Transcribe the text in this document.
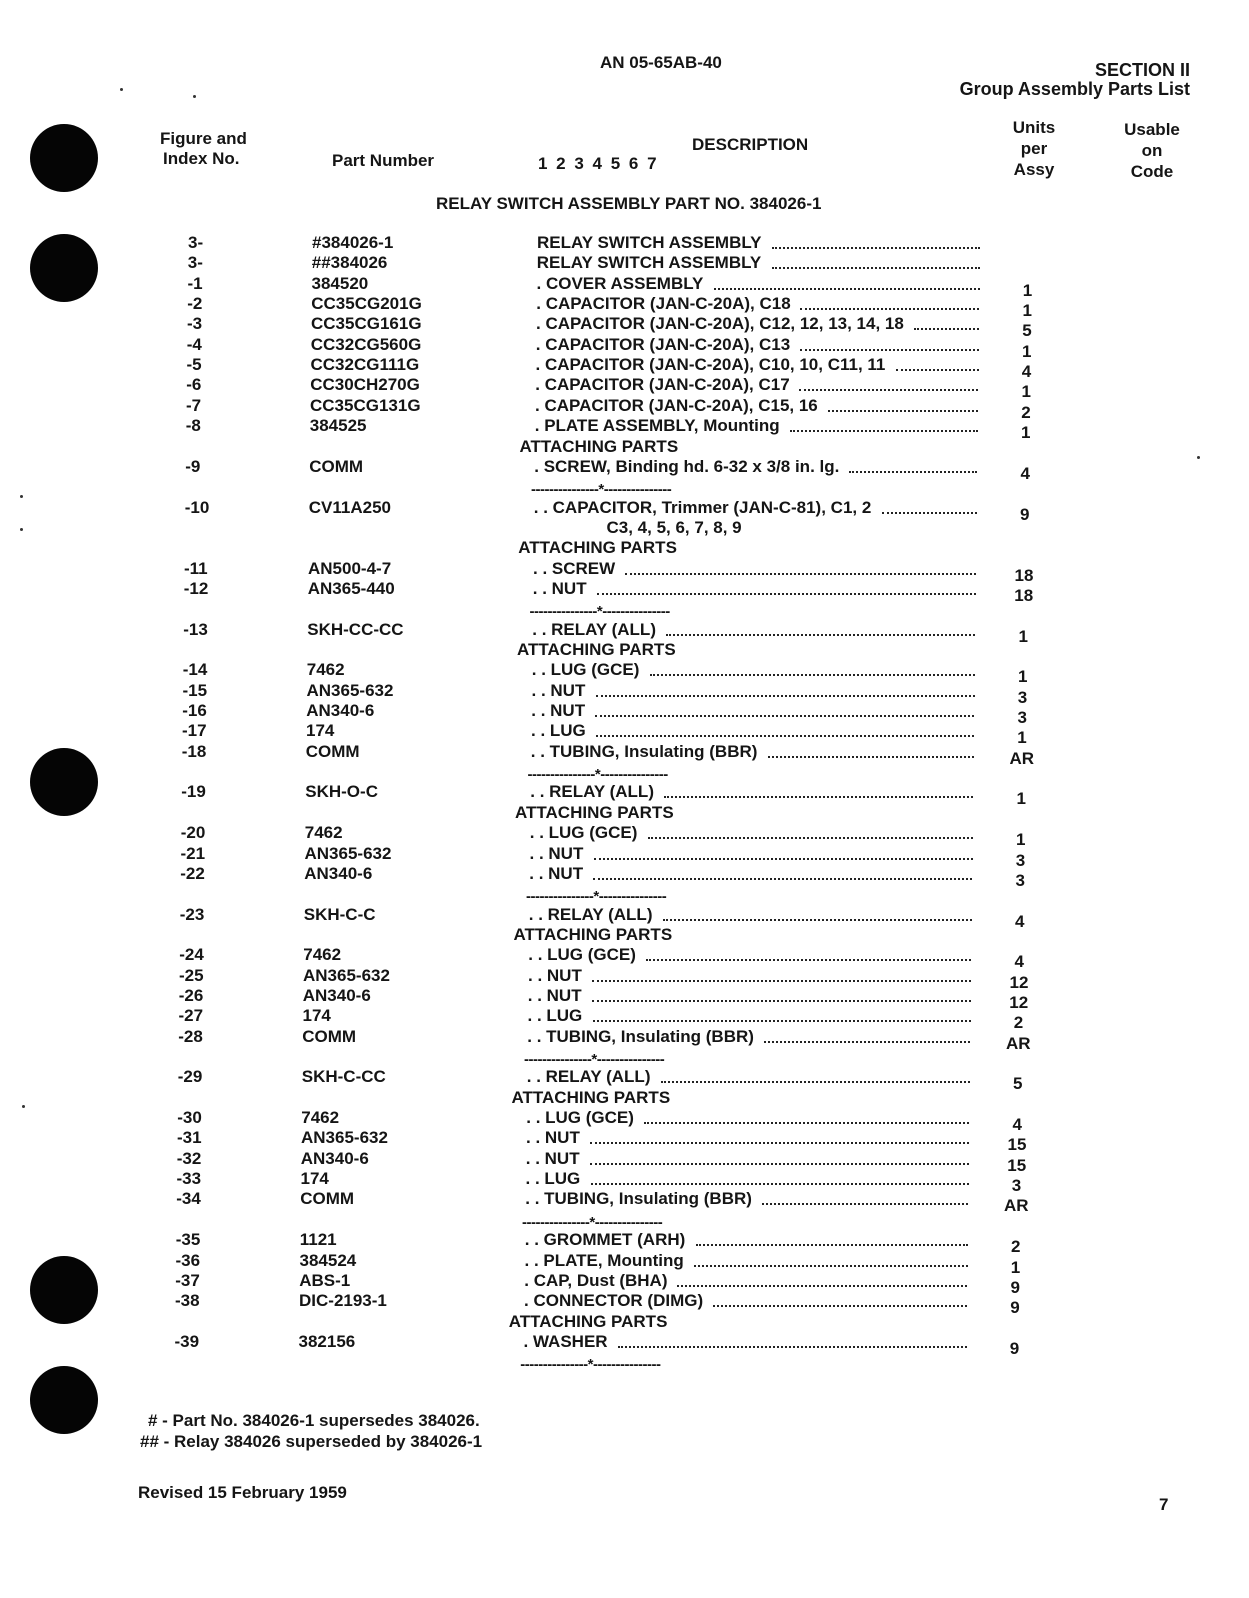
AN 05-65AB-40	SECTION II
Group Assembly Parts List
Figure and
Index No.	Part Number	1 2 3 4 5 6 7
DESCRIPTION
Units
per
Assy
Usable
on
Code
RELAY SWITCH ASSEMBLY PART NO. 384026-1
3-	#384026-1	RELAY SWITCH ASSEMBLY
3-	##384026	RELAY SWITCH ASSEMBLY
-1	384520	. COVER ASSEMBLY	1
-2	CC35CG201G	. CAPACITOR (JAN-C-20A), C18	1
-3	CC35CG161G	. CAPACITOR (JAN-C-20A), C12, 12, 13, 14, 18	5
-4	CC32CG560G	. CAPACITOR (JAN-C-20A), C13	1
-5	CC32CG111G	. CAPACITOR (JAN-C-20A), C10, 10, C11, 11	4
-6	CC30CH270G	. CAPACITOR (JAN-C-20A), C17	1
-7	CC35CG131G	. CAPACITOR (JAN-C-20A), C15, 16	2
-8	384525	. PLATE ASSEMBLY, Mounting	1
ATTACHING PARTS
-9	COMM	. SCREW, Binding hd. 6-32 x 3/8 in. lg.	4
---------------*---------------
-10	CV11A250	. . CAPACITOR, Trimmer (JAN-C-81), C1, 2	9
C3, 4, 5, 6, 7, 8, 9
ATTACHING PARTS
-11	AN500-4-7	. . SCREW	18
-12	AN365-440	. . NUT	18
---------------*---------------
-13	SKH-CC-CC	. . RELAY (ALL)	1
ATTACHING PARTS
-14	7462	. . LUG (GCE)	1
-15	AN365-632	. . NUT	3
-16	AN340-6	. . NUT	3
-17	174	. . LUG	1
-18	COMM	. . TUBING, Insulating (BBR)	AR
---------------*---------------
-19	SKH-O-C	. . RELAY (ALL)	1
ATTACHING PARTS
-20	7462	. . LUG (GCE)	1
-21	AN365-632	. . NUT	3
-22	AN340-6	. . NUT	3
---------------*---------------
-23	SKH-C-C	. . RELAY (ALL)	4
ATTACHING PARTS
-24	7462	. . LUG (GCE)	4
-25	AN365-632	. . NUT	12
-26	AN340-6	. . NUT	12
-27	174	. . LUG	2
-28	COMM	. . TUBING, Insulating (BBR)	AR
---------------*---------------
-29	SKH-C-CC	. . RELAY (ALL)	5
ATTACHING PARTS
-30	7462	. . LUG (GCE)	4
-31	AN365-632	. . NUT	15
-32	AN340-6	. . NUT	15
-33	174	. . LUG	3
-34	COMM	. . TUBING, Insulating (BBR)	AR
---------------*---------------
-35	1121	. . GROMMET (ARH)	2
-36	384524	. . PLATE, Mounting	1
-37	ABS-1	. CAP, Dust (BHA)	9
-38	DIC-2193-1	. CONNECTOR (DIMG)	9
ATTACHING PARTS
-39	382156	. WASHER	9
---------------*---------------
# - Part No. 384026-1 supersedes 384026.
## - Relay 384026 superseded by 384026-1
Revised 15 February 1959
7
